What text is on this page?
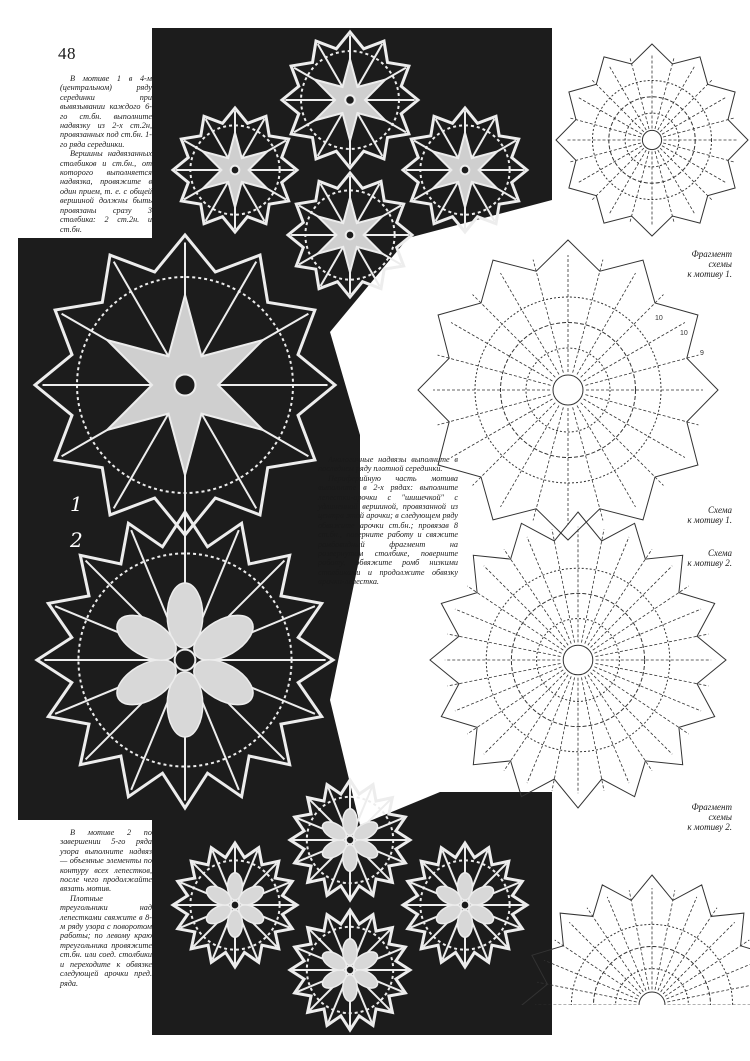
10
9
10
48

В мотиве 1 в 4-м (центральном) ряду серединки при вывязывании каждого 6-го ст.бн. выполните надвязку из 2-х ст.2н, провязанных под ст.бн. 1-го ряда серединки.

Вершины надвязанных столбиков и ст.бн., от которого выполняется надвязка, провяжите в один прием, т. е. с общей вершиной должны быть провязаны сразу 3 столбика: 2 ст.2н. и ст.бн.

Аналогичные надвязы выполните в последнем ряду плотной серединки.

Периферийную часть мотива выполните в 2-х рядах: выполните лепестки-арочки с "шишечкой" с удлиненной вершиной, провязанной из центра этой арочки; в следующем ряду обвяжите арочки ст.бн.; провязав 8 ст.бн., поверните работу и свяжите ромбовидный фрагмент на развернутом столбике, поверните работу, обвяжите ромб низкими столбиками и продолжите обвязку арочки-лепестка.

В мотиве 2 по завершении 5-го ряда узора выполните надвяз — объемные элементы по контуру всех лепестков, после чего продолжайте вязать мотив.

Плотные треугольники над лепестками свяжите в 8-м ряду узора с поворотом работы; по левому краю треугольника провяжите ст.бн. или соед. столбики и переходите к обвязке следующей арочки пред. ряда.

Фрагмент
схемы
к мотиву 1.
Схема
к мотиву 1.
Схема
к мотиву 2.
Фрагмент
схемы
к мотиву 2.
1
2
